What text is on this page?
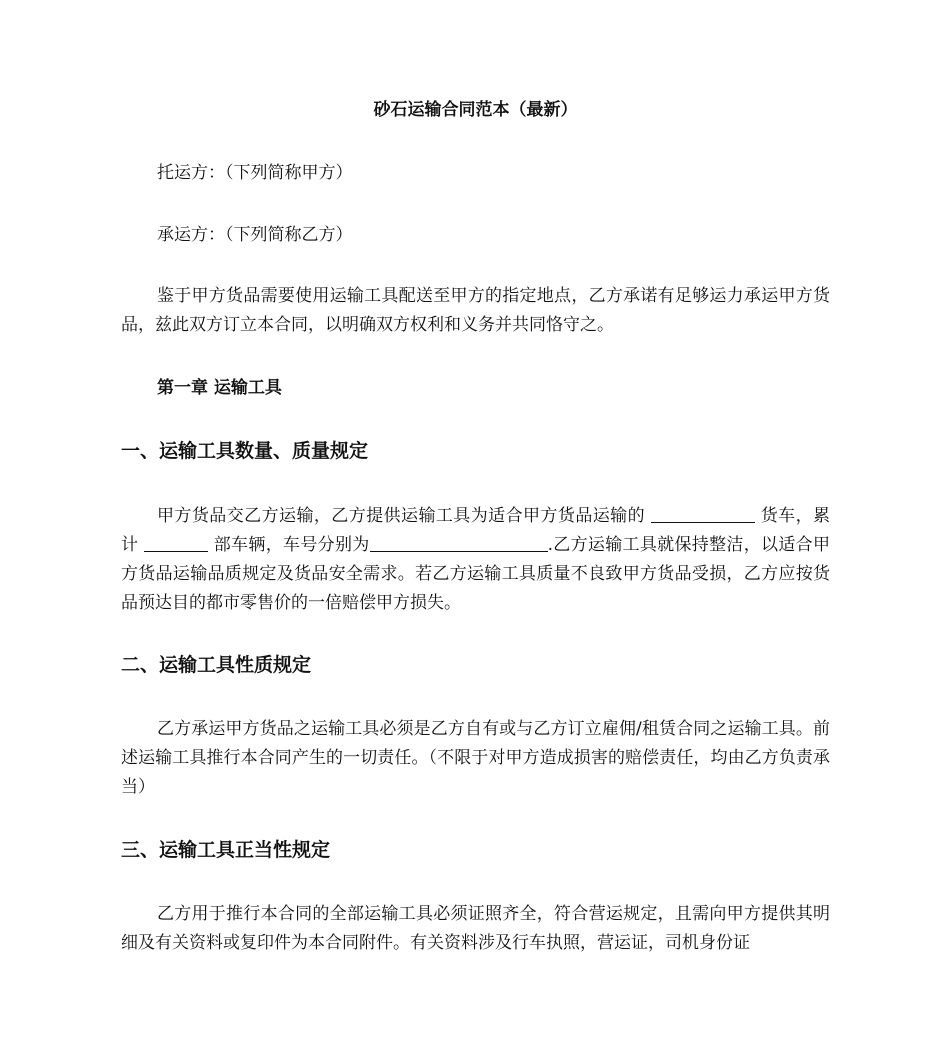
砂石运输合同范本（最新）

托运方：（下列简称甲方）

承运方：（下列简称乙方）

鉴于甲方货品需要使用运输工具配送至甲方的指定地点，乙方承诺有足够运力承运甲方货品，兹此双方订立本合同，以明确双方权利和义务并共同恪守之。

第一章 运输工具

一、运输工具数量、质量规定

甲方货品交乙方运输，乙方提供运输工具为适合甲方货品运输的	货车，累计	部车辆，车号分别为	.乙方运输工具就保持整洁，以适合甲方货品运输品质规定及货品安全需求。若乙方运输工具质量不良致甲方货品受损，乙方应按货品预达目的都市零售价的一倍赔偿甲方损失。

二、运输工具性质规定

乙方承运甲方货品之运输工具必须是乙方自有或与乙方订立雇佣/租赁合同之运输工具。前述运输工具推行本合同产生的一切责任。（不限于对甲方造成损害的赔偿责任，均由乙方负责承当）

三、运输工具正当性规定

乙方用于推行本合同的全部运输工具必须证照齐全，符合营运规定，且需向甲方提供其明细及有关资料或复印件为本合同附件。有关资料涉及行车执照，营运证，司机身份证
